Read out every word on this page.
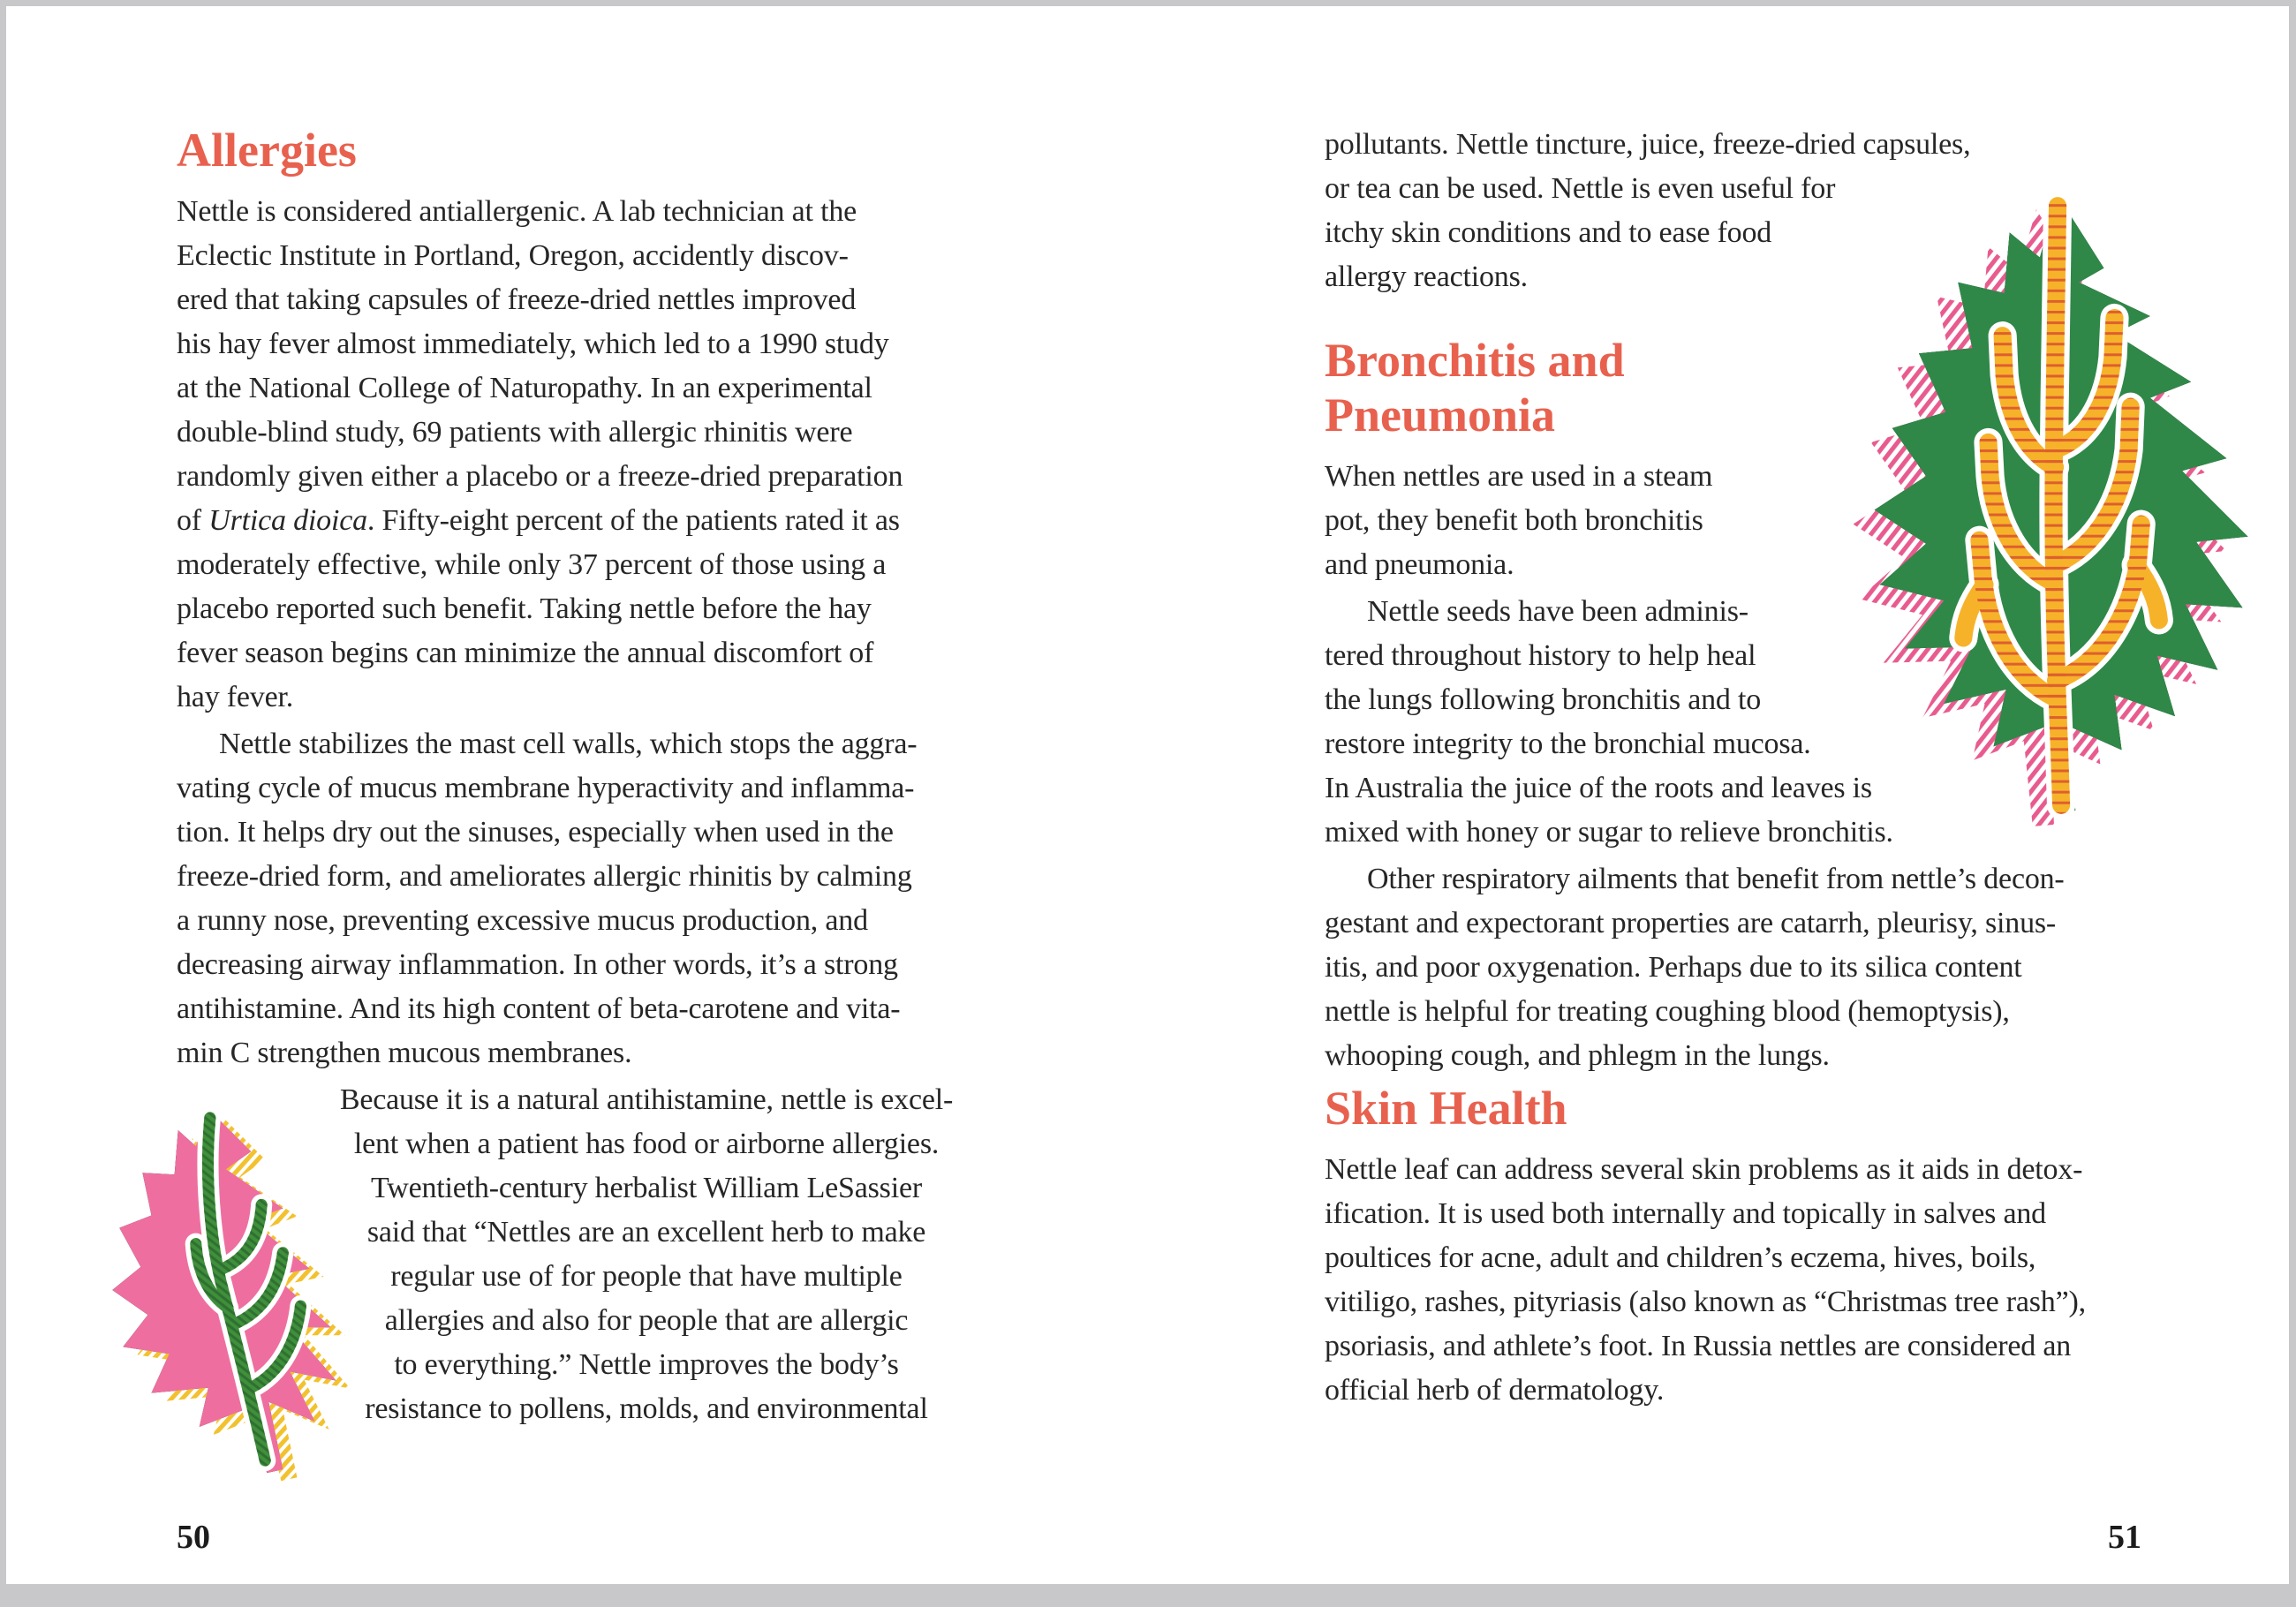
Allergies
Nettle is considered antiallergenic. A lab technician at the
Eclectic Institute in Portland, Oregon, accidently discov-
ered that taking capsules of freeze-dried nettles improved
his hay fever almost immediately, which led to a 1990 study
at the National College of Naturopathy. In an experimental
double-blind study, 69 patients with allergic rhinitis were
randomly given either a placebo or a freeze-dried preparation
of Urtica dioica. Fifty-eight percent of the patients rated it as
moderately effective, while only 37 percent of those using a
placebo reported such benefit. Taking nettle before the hay
fever season begins can minimize the annual discomfort of
hay fever.
Nettle stabilizes the mast cell walls, which stops the aggra-
vating cycle of mucus membrane hyperactivity and inflamma-
tion. It helps dry out the sinuses, especially when used in the
freeze-dried form, and ameliorates allergic rhinitis by calming
a runny nose, preventing excessive mucus production, and
decreasing airway inflammation. In other words, it’s a strong
antihistamine. And its high content of beta-carotene and vita-
min C strengthen mucous membranes.
Because it is a natural antihistamine, nettle is excel-
lent when a patient has food or airborne allergies.
Twentieth-century herbalist William LeSassier
said that “Nettles are an excellent herb to make
regular use of for people that have multiple
allergies and also for people that are allergic
to everything.” Nettle improves the body’s
resistance to pollens, molds, and environmental
50
pollutants. Nettle tincture, juice, freeze-dried capsules,
or tea can be used. Nettle is even useful for
itchy skin conditions and to ease food
allergy reactions.
Bronchitis and
Pneumonia
When nettles are used in a steam
pot, they benefit both bronchitis
and pneumonia.
Nettle seeds have been adminis-
tered throughout history to help heal
the lungs following bronchitis and to
restore integrity to the bronchial mucosa.
In Australia the juice of the roots and leaves is
mixed with honey or sugar to relieve bronchitis.
Other respiratory ailments that benefit from nettle’s decon-
gestant and expectorant properties are catarrh, pleurisy, sinus-
itis, and poor oxygenation. Perhaps due to its silica content
nettle is helpful for treating coughing blood (hemoptysis),
whooping cough, and phlegm in the lungs.
Skin Health
Nettle leaf can address several skin problems as it aids in detox-
ification. It is used both internally and topically in salves and
poultices for acne, adult and children’s eczema, hives, boils,
vitiligo, rashes, pityriasis (also known as “Christmas tree rash”),
psoriasis, and athlete’s foot. In Russia nettles are considered an
official herb of dermatology.
51
